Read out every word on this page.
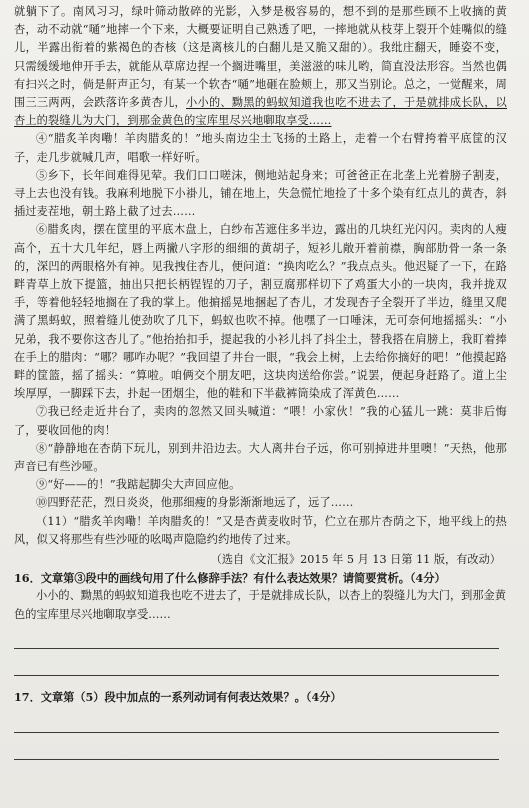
就躺下了。南风习习，绿叶筛动散碎的光影，入梦是极容易的，想不到的是那些顾不上收摘的黄杏，动不动就“嗵”地摔一个下来，大概要证明自己熟透了吧，一摔地就从枝芽上裂开个娃嘴似的缝儿，半露出衔着的紫褐色的杏核（这是离核儿的白翻儿是又脆又甜的）。我纰庄翻天，睡姿不变，只需缓缓地伸开手去，就能从草席边捏一个搁进嘴里，美滋滋的味儿哟，简直没法形容。当然也偶有扫兴之时，倘是鼾声正匀，有某一个软杏“嗵”地砸在脸颊上，那又当别论。总之，一觉醒来，周围三三两两，会跌落许多黄杏儿，小小的、黝黑的蚂蚁知道我也吃不进去了，于是就排成长队，以杏上的裂缝儿为大门，到那金黄色的宝库里尽兴地啣取享受……

④“腊炙羊肉嘞！羊肉腊炙的！”地头南边尘土飞扬的土路上，走着一个右臂挎着平底筐的汉子，走几步就喊几声，唱歌一样好听。

⑤乡下，长年间难得见荤。我们口口嗟沫，侧地站起身来；可爸爸正在北垄上光着膀子割麦，寻上去也没有钱。我麻利地脱下小褂儿，铺在地上，失急慌忙地捡了十多个染有红点儿的黄杏，斜插过麦茬地，朝土路上截了过去……

⑥腊炙肉，摆在筐里的平底木盘上，白纱布苫遮住多半边，露出的几块红光闪闪。卖肉的人瘦高个，五十大几年纪，唇上两撇八字形的细细的黄胡子，短衫儿敞开着前襟，胸部肋骨一条一条的，深凹的两眼格外有神。见我拽住杏儿，便问道：“换肉吃么？”我点点头。他迟疑了一下，在路畔青草上放下提篮，抽出只把长柄锃锃的刀子，割豆腐那样切下了鸡蛋大小的一块肉，我并拢双手，等着他轻轻地搁在了我的掌上。他掮摇晃地捆起了杏儿，才发现杏子全裂开了半边，缝里又爬满了黑蚂蚁，照着缝儿使劲吹了几下，蚂蚁也吹不掉。他嘿了一口唾沫，无可奈何地摇摇头：“小兄弟，我不要你这杏儿了。”他抬抬扣手，提起我的小衫儿抖了抖尘土，替我搭在肩膀上，我盯着捧在手上的腊肉：“哪？哪咋办呢？”我回望了井台一眼，“我会上树，上去给你摘好的吧！”他摸起路畔的筐篮，摇了摇头：“算啦。咱俩交个朋友吧，这块肉送给你尝。”说罢，便起身赶路了。道上尘埃厚厚，一脚踩下去，扑起一团烟尘，他的鞋和下半截裤筒染成了浑黄色……

⑦我已经走近井台了，卖肉的忽然又回头喊道：“喂！小家伙！”我的心猛儿一跳：莫非后悔了，要收回他的肉！

⑧“静静地在杏荫下玩儿，别到井沿边去。大人离井台子远，你可别掉进井里噢！”天热，他那声音已有些沙哑。

⑨“好——的！”我踮起脚尖大声回应他。

⑩四野茫茫，烈日炎炎，他那细瘦的身影渐渐地远了，远了……

（11）“腊炙羊肉嘞！羊肉腊炙的！”又是杏黄麦收时节，伫立在那片杏荫之下，地平线上的热风，似又将那些有些沙哑的吆喝声隐隐约约地传了过来。

（选自《文汇报》2015 年 5 月 13 日第 11 版，有改动）

16．文章第③段中的画线句用了什么修辞手法？有什么表达效果？请简要赏析。（4分）

小小的、黝黑的蚂蚁知道我也吃不进去了，于是就排成长队，以杏上的裂缝儿为大门，到那金黄色的宝库里尽兴地啣取享受……

17．文章第（5）段中加点的一系列动词有何表达效果？。（4分）
